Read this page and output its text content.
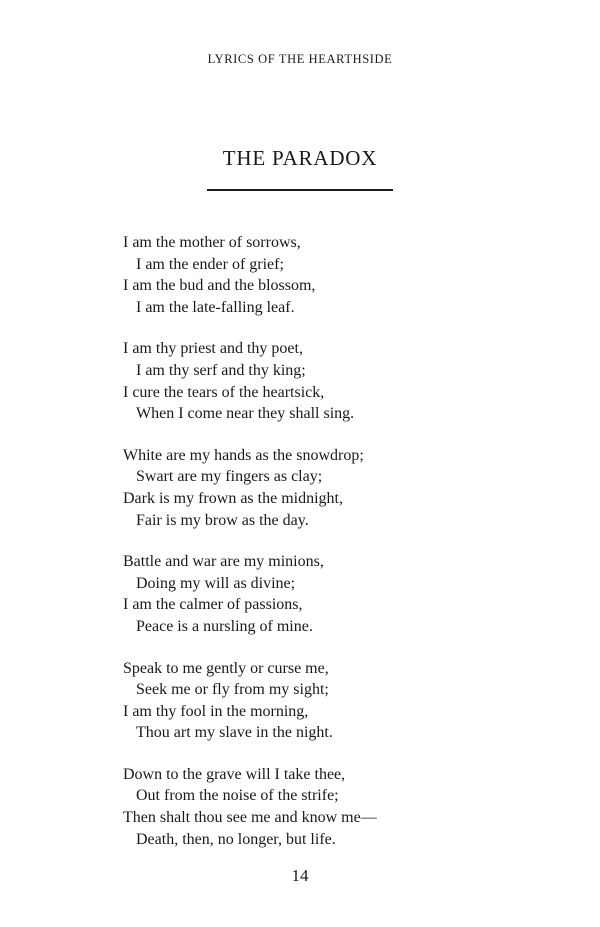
LYRICS OF THE HEARTHSIDE
THE PARADOX
I am the mother of sorrows,
I am the ender of grief;
I am the bud and the blossom,
I am the late-falling leaf.
I am thy priest and thy poet,
I am thy serf and thy king;
I cure the tears of the heartsick,
When I come near they shall sing.
White are my hands as the snowdrop;
Swart are my fingers as clay;
Dark is my frown as the midnight,
Fair is my brow as the day.
Battle and war are my minions,
Doing my will as divine;
I am the calmer of passions,
Peace is a nursling of mine.
Speak to me gently or curse me,
Seek me or fly from my sight;
I am thy fool in the morning,
Thou art my slave in the night.
Down to the grave will I take thee,
Out from the noise of the strife;
Then shalt thou see me and know me—
Death, then, no longer, but life.
14
